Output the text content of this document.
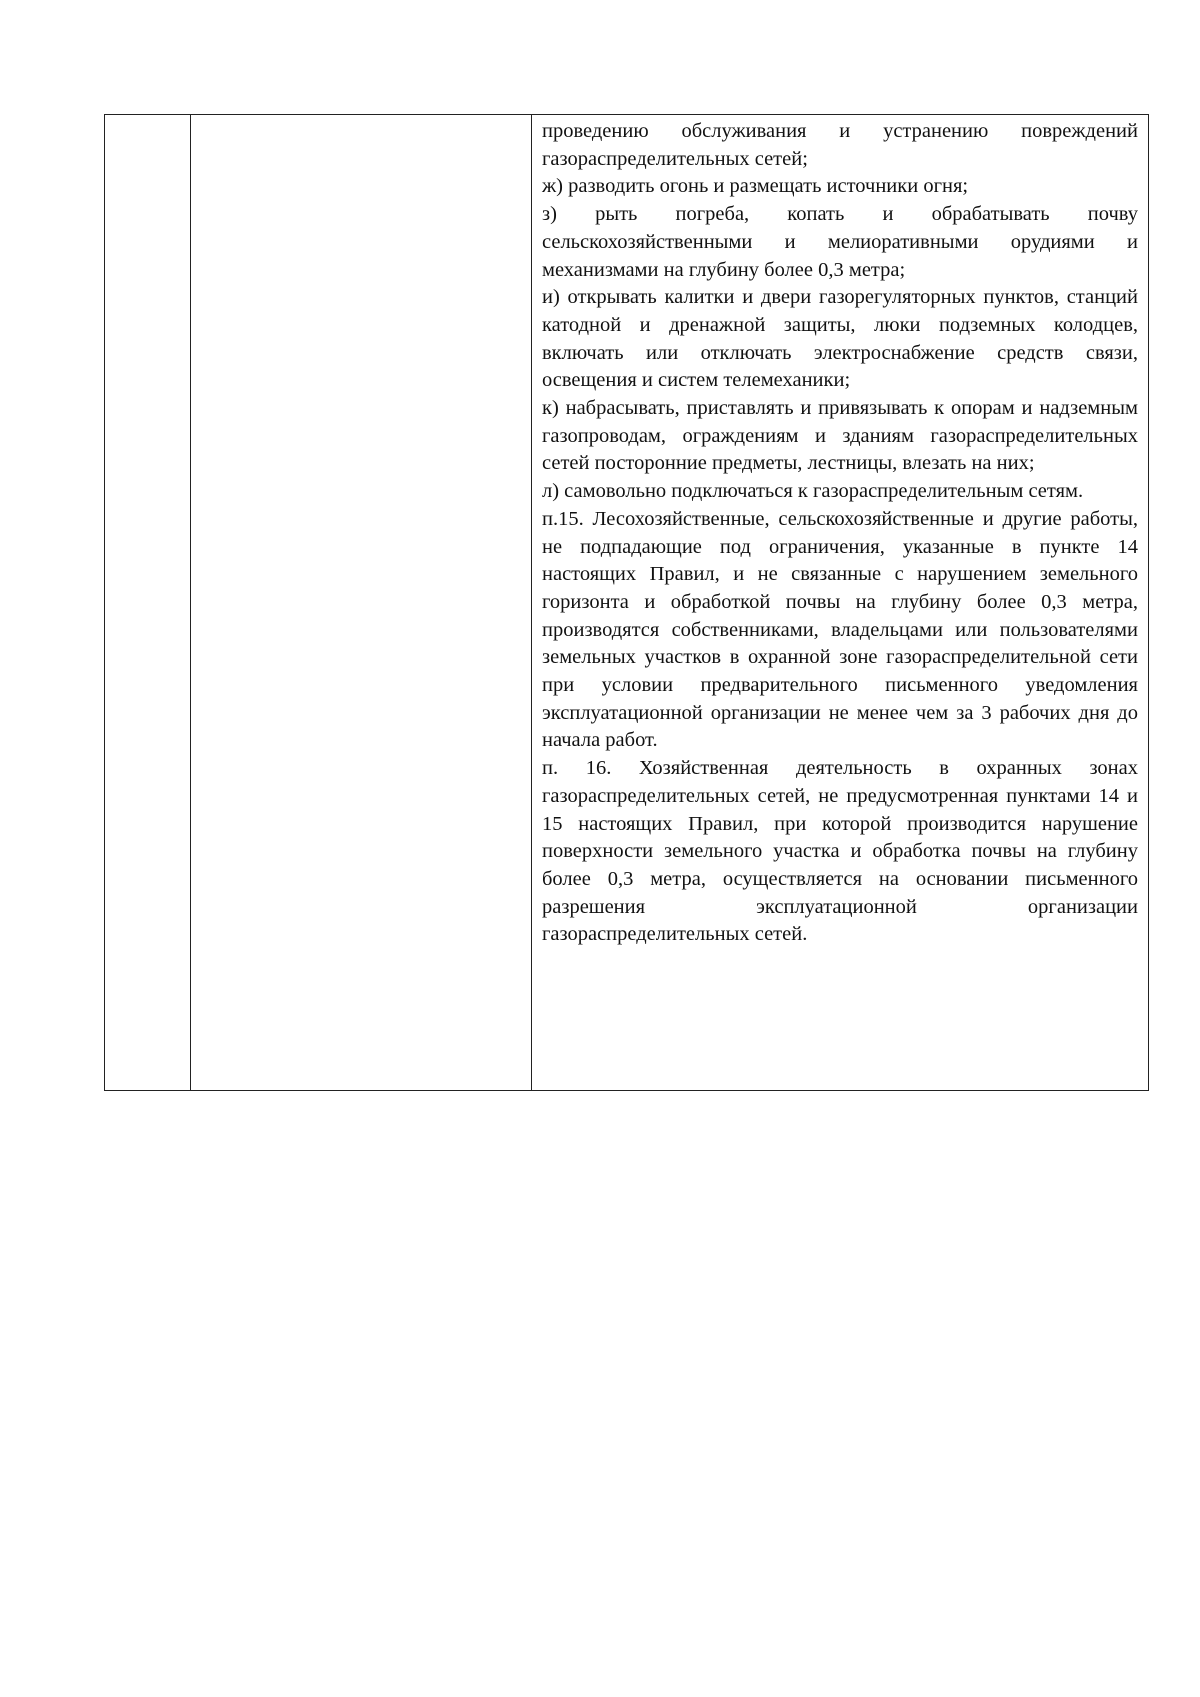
проведению обслуживания и устранению повреждений газораспределительных сетей;

ж) разводить огонь и размещать источники огня;

з) рыть погреба, копать и обрабатывать почву сельскохозяйственными и мелиоративными орудиями и механизмами на глубину более 0,3 метра;

и) открывать калитки и двери газорегуляторных пунктов, станций катодной и дренажной защиты, люки подземных колодцев, включать или отключать электроснабжение средств связи, освещения и систем телемеханики;

к) набрасывать, приставлять и привязывать к опорам и надземным газопроводам, ограждениям и зданиям газораспределительных сетей посторонние предметы, лестницы, влезать на них;

л) самовольно подключаться к газораспределительным сетям.

п.15. Лесохозяйственные, сельскохозяйственные и другие работы, не подпадающие под ограничения, указанные в пункте 14 настоящих Правил, и не связанные с нарушением земельного горизонта и обработкой почвы на глубину более 0,3 метра, производятся собственниками, владельцами или пользователями земельных участков в охранной зоне газораспределительной сети при условии предварительного письменного уведомления эксплуатационной организации не менее чем за 3 рабочих дня до начала работ.

п. 16. Хозяйственная деятельность в охранных зонах газораспределительных сетей, не предусмотренная пунктами 14 и 15 настоящих Правил, при которой производится нарушение поверхности земельного участка и обработка почвы на глубину более 0,3 метра, осуществляется на основании письменного разрешения эксплуатационной организации газораспределительных сетей.
